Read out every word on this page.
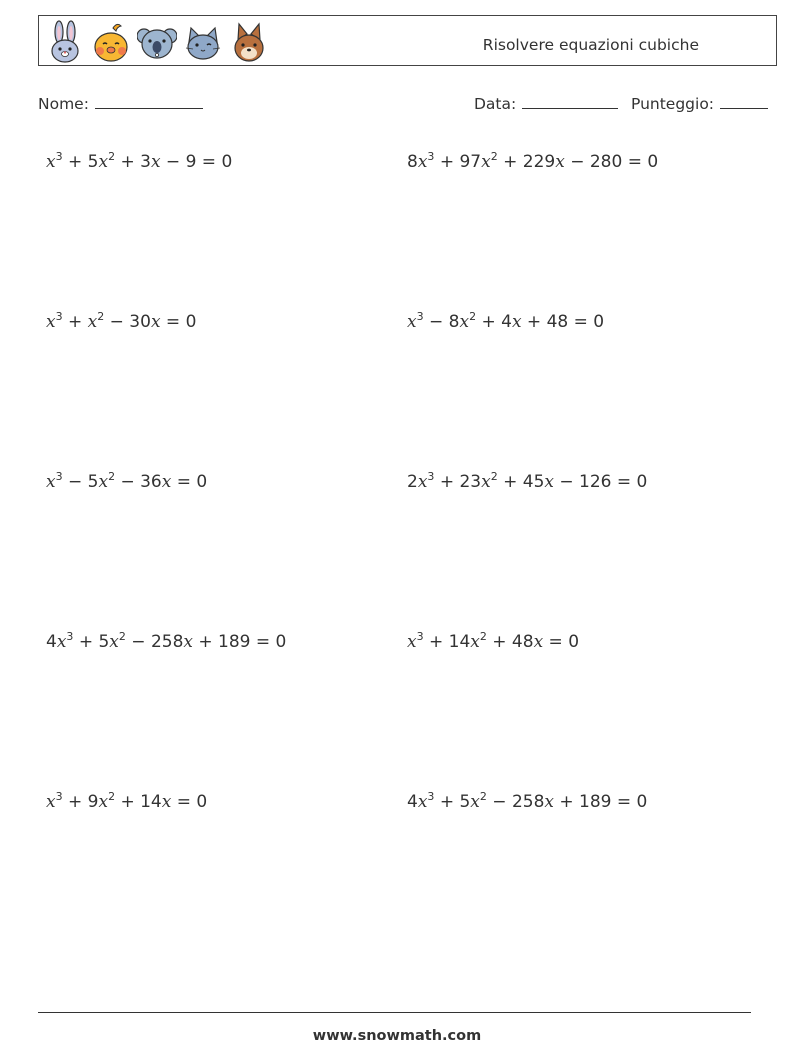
Risolvere equazioni cubiche
Nome:	Data:	Punteggio:
$x^3 + 5x^2 + 3x - 9 = 0$	$8x^3 + 97x^2 + 229x - 280 = 0$
$x^3 + x^2 - 30x = 0$	$x^3 - 8x^2 + 4x + 48 = 0$
$x^3 - 5x^2 - 36x = 0$	$2x^3 + 23x^2 + 45x - 126 = 0$
$4x^3 + 5x^2 - 258x + 189 = 0$	$x^3 + 14x^2 + 48x = 0$
$x^3 + 9x^2 + 14x = 0$	$4x^3 + 5x^2 - 258x + 189 = 0$
www.snowmath.com
